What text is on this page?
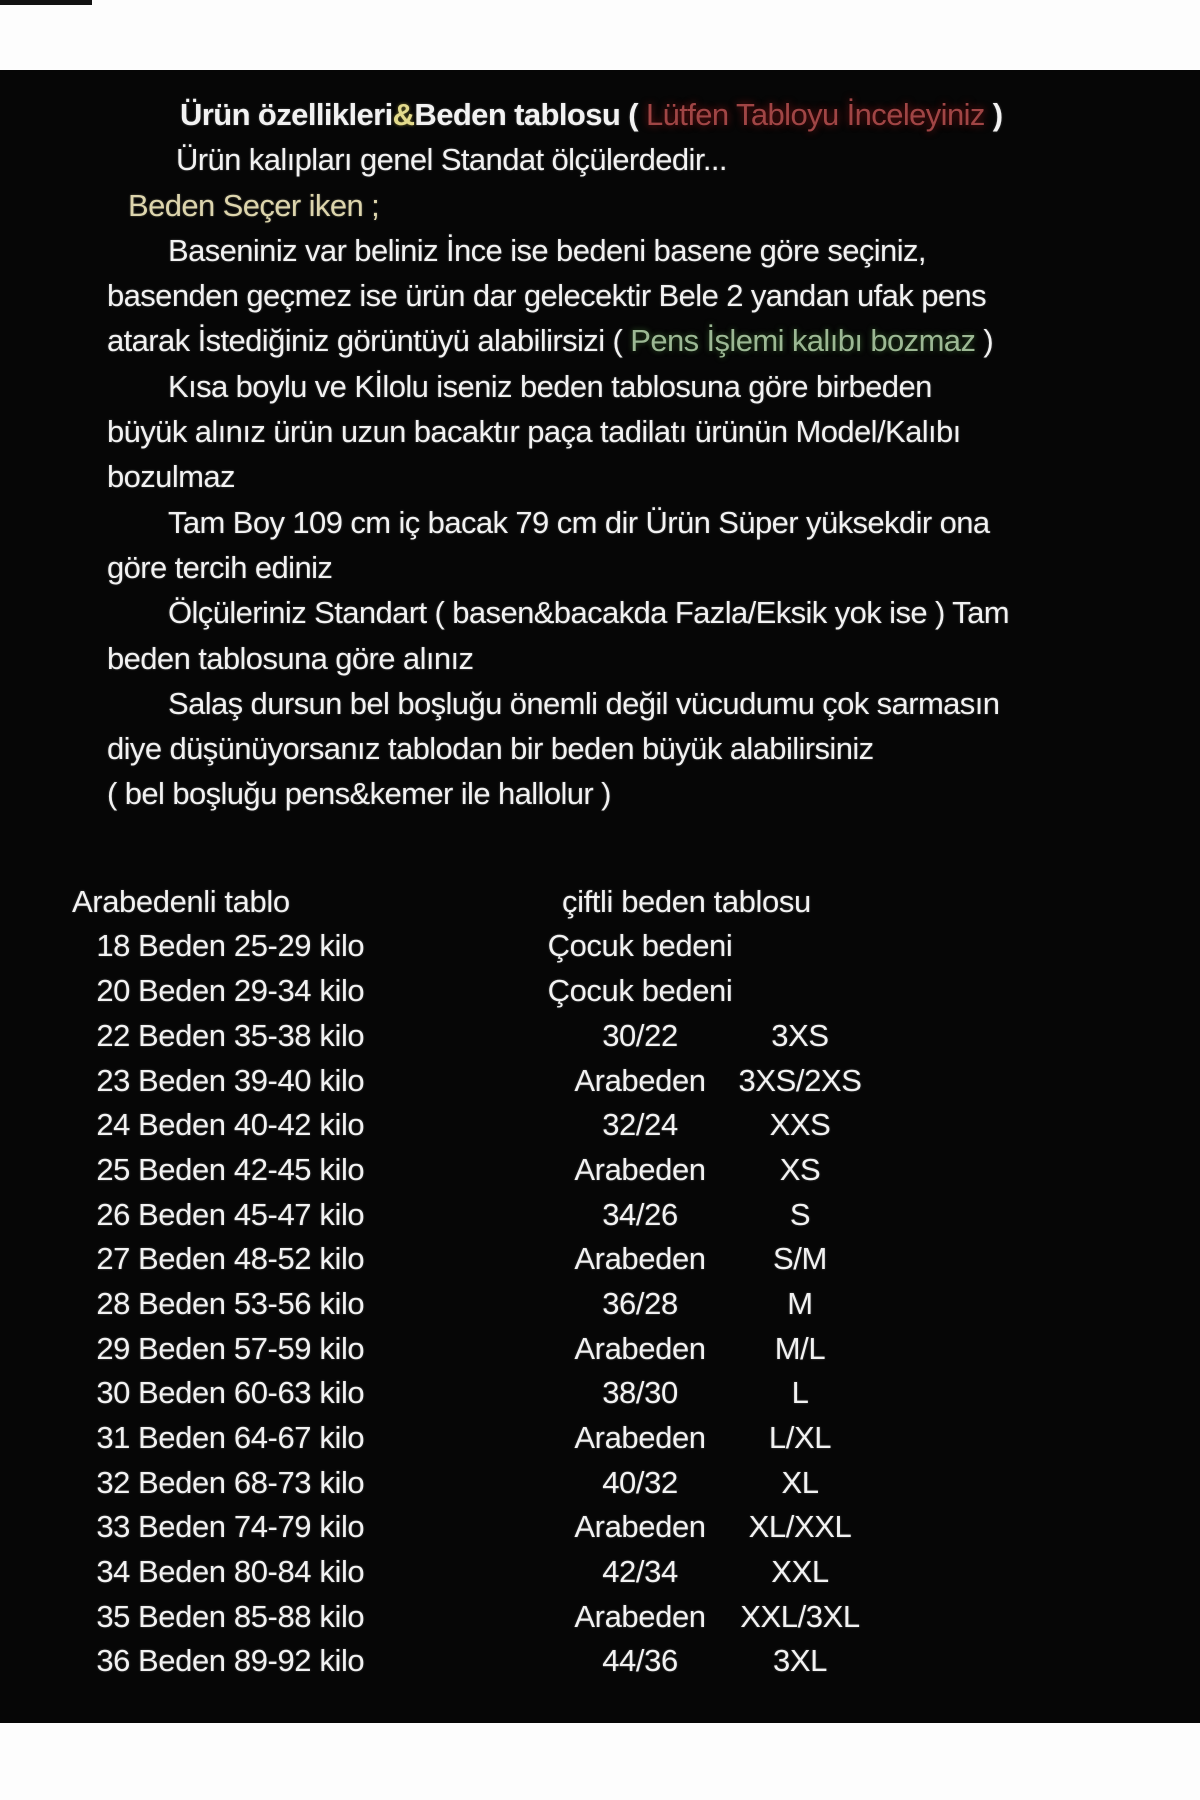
Ürün özellikleri&Beden tablosu ( Lütfen Tabloyu İnceleyiniz )
Ürün kalıpları genel Standat ölçülerdedir...
Beden Seçer iken ;
Baseniniz var beliniz İnce ise bedeni basene göre seçiniz,
basenden geçmez ise ürün dar gelecektir Bele 2 yandan ufak pens
atarak İstediğiniz görüntüyü alabilirsizi ( Pens İşlemi kalıbı bozmaz )
Kısa boylu ve Kİlolu iseniz beden tablosuna göre birbeden
büyük alınız ürün uzun bacaktır paça tadilatı ürünün Model/Kalıbı
bozulmaz
Tam Boy 109 cm iç bacak 79 cm dir Ürün Süper yüksekdir ona
göre tercih ediniz
Ölçüleriniz Standart ( basen&bacakda Fazla/Eksik yok ise ) Tam
beden tablosuna göre alınız
Salaş dursun bel boşluğu önemli değil vücudumu çok sarmasın
diye düşünüyorsanız tablodan bir beden büyük alabilirsiniz
( bel boşluğu pens&kemer ile hallolur )
Arabedenli tablo	çiftli beden tablosu
18 Beden 25-29 kilo	Çocuk bedeni
20 Beden 29-34 kilo	Çocuk bedeni
22 Beden 35-38 kilo	30/22	3XS
23 Beden 39-40 kilo	Arabeden	3XS/2XS
24 Beden 40-42 kilo	32/24	XXS
25 Beden 42-45 kilo	Arabeden	XS
26 Beden 45-47 kilo	34/26	S
27 Beden 48-52 kilo	Arabeden	S/M
28 Beden 53-56 kilo	36/28	M
29 Beden 57-59 kilo	Arabeden	M/L
30 Beden 60-63 kilo	38/30	L
31 Beden 64-67 kilo	Arabeden	L/XL
32 Beden 68-73 kilo	40/32	XL
33 Beden 74-79 kilo	Arabeden	XL/XXL
34 Beden 80-84 kilo	42/34	XXL
35 Beden 85-88 kilo	Arabeden	XXL/3XL
36 Beden 89-92 kilo	44/36	3XL
